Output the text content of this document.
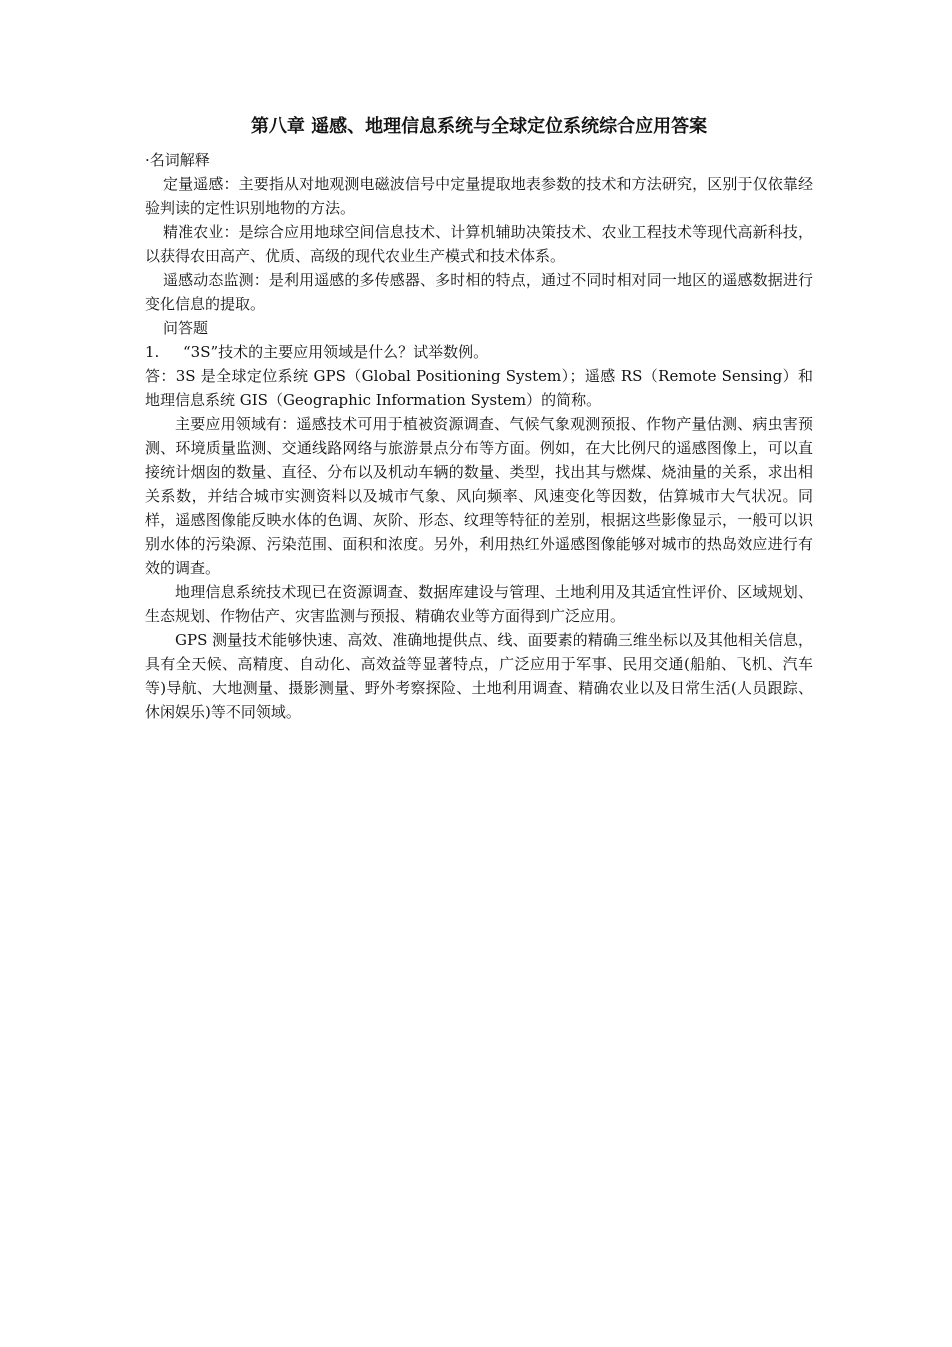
第八章 遥感、地理信息系统与全球定位系统综合应用答案

·名词解释

定量遥感：主要指从对地观测电磁波信号中定量提取地表参数的技术和方法研究，区别于仅依靠经验判读的定性识别地物的方法。

精准农业：是综合应用地球空间信息技术、计算机辅助决策技术、农业工程技术等现代高新科技，以获得农田高产、优质、高级的现代农业生产模式和技术体系。

遥感动态监测：是利用遥感的多传感器、多时相的特点，通过不同时相对同一地区的遥感数据进行变化信息的提取。

问答题

1.	“3S”技术的主要应用领域是什么？试举数例。

答：3S 是全球定位系统 GPS（Global Positioning System）；遥感 RS（Remote Sensing）和地理信息系统 GIS（Geographic Information System）的简称。

主要应用领域有：遥感技术可用于植被资源调查、气候气象观测预报、作物产量估测、病虫害预测、环境质量监测、交通线路网络与旅游景点分布等方面。例如，在大比例尺的遥感图像上，可以直接统计烟囱的数量、直径、分布以及机动车辆的数量、类型，找出其与燃煤、烧油量的关系，求出相关系数，并结合城市实测资料以及城市气象、风向频率、风速变化等因数，估算城市大气状况。同样，遥感图像能反映水体的色调、灰阶、形态、纹理等特征的差别，根据这些影像显示，一般可以识别水体的污染源、污染范围、面积和浓度。另外，利用热红外遥感图像能够对城市的热岛效应进行有效的调查。

地理信息系统技术现已在资源调查、数据库建设与管理、土地利用及其适宜性评价、区域规划、生态规划、作物估产、灾害监测与预报、精确农业等方面得到广泛应用。

GPS 测量技术能够快速、高效、准确地提供点、线、面要素的精确三维坐标以及其他相关信息，具有全天候、高精度、自动化、高效益等显著特点，广泛应用于军事、民用交通(船舶、飞机、汽车等)导航、大地测量、摄影测量、野外考察探险、土地利用调查、精确农业以及日常生活(人员跟踪、休闲娱乐)等不同领域。
